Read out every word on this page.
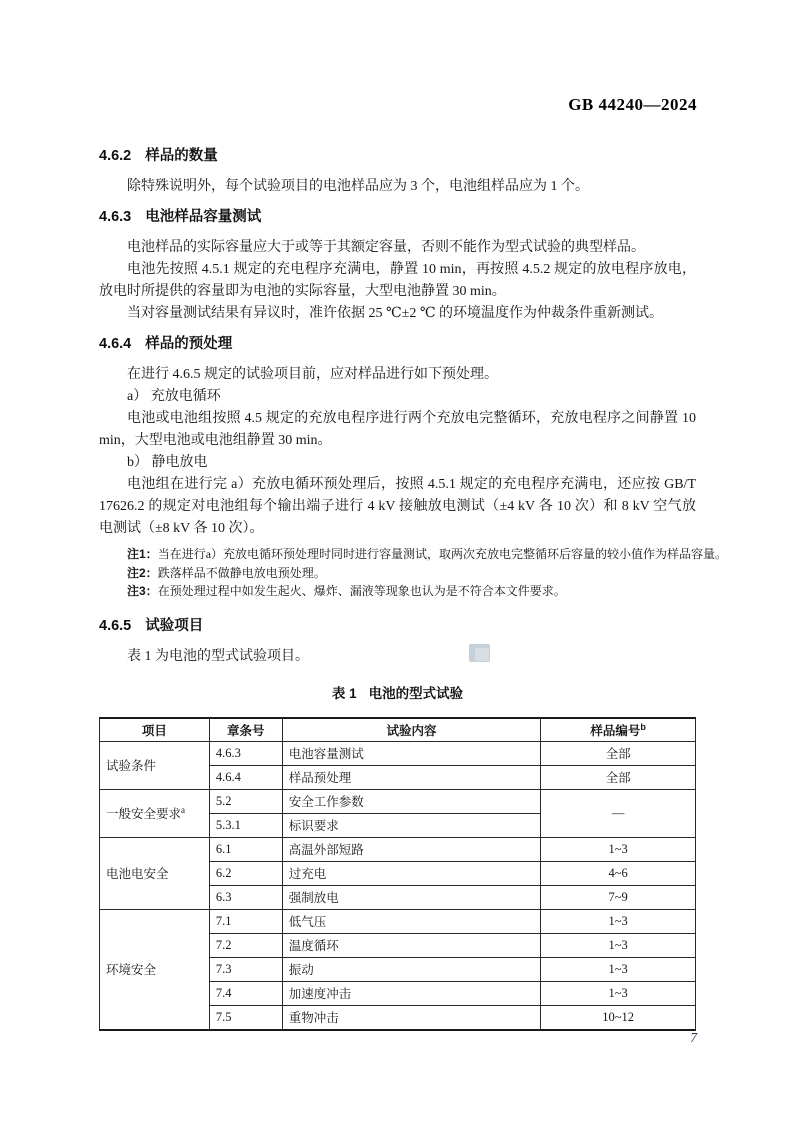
GB 44240—2024
4.6.2 样品的数量

除特殊说明外，每个试验项目的电池样品应为 3 个，电池组样品应为 1 个。

4.6.3 电池样品容量测试

电池样品的实际容量应大于或等于其额定容量，否则不能作为型式试验的典型样品。

电池先按照 4.5.1 规定的充电程序充满电，静置 10 min，再按照 4.5.2 规定的放电程序放电，放电时所提供的容量即为电池的实际容量，大型电池静置 30 min。

当对容量测试结果有异议时，准许依据 25 ℃±2 ℃ 的环境温度作为仲裁条件重新测试。

4.6.4 样品的预处理

在进行 4.6.5 规定的试验项目前，应对样品进行如下预处理。

a） 充放电循环

电池或电池组按照 4.5 规定的充放电程序进行两个充放电完整循环，充放电程序之间静置 10 min，大型电池或电池组静置 30 min。

b） 静电放电

电池组在进行完 a）充放电循环预处理后，按照 4.5.1 规定的充电程序充满电，还应按 GB/T 17626.2 的规定对电池组每个输出端子进行 4 kV 接触放电测试（±4 kV 各 10 次）和 8 kV 空气放电测试（±8 kV 各 10 次）。

注1：当在进行a）充放电循环预处理时同时进行容量测试，取两次充放电完整循环后容量的较小值作为样品容量。
注2：跌落样品不做静电放电预处理。
注3：在预处理过程中如发生起火、爆炸、漏液等现象也认为是不符合本文件要求。
4.6.5 试验项目

表 1 为电池的型式试验项目。

表 1 电池的型式试验
项目	章条号	试验内容	样品编号$^b$
试验条件	4.6.3	电池容量测试	全部
	4.6.4	样品预处理	全部
一般安全要求$^a$	5.2	安全工作参数	—
	5.3.1	标识要求	
电池电安全	6.1	高温外部短路	1~3
	6.2	过充电	4~6
	6.3	强制放电	7~9
环境安全	7.1	低气压	1~3
	7.2	温度循环	1~3
	7.3	振动	1~3
	7.4	加速度冲击	1~3
	7.5	重物冲击	10~12
7
